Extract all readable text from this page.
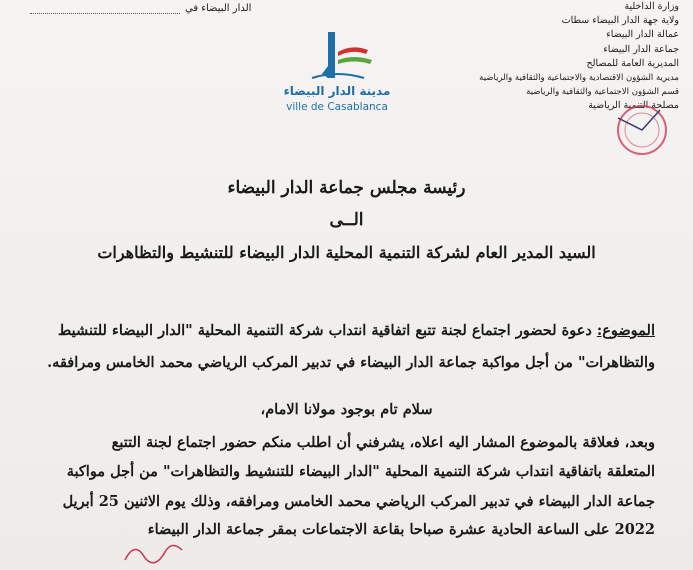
الدار البيضاء في	وزارة الداخلية
ولاية جهة الدار البيضاء سطات
عمالة الدار البيضاء
جماعة الدار البيضاء
المديرية العامة للمصالح
مديرية الشؤون الاقتصادية والاجتماعية والثقافية والرياضية
قسم الشؤون الاجتماعية والثقافية والرياضية
مصلحة التنمية الرياضية
مدينة الدار البيضاء
ville de Casablanca
رئيسة مجلس جماعة الدار البيضاء
الــى
السيد المدير العام لشركة التنمية المحلية الدار البيضاء للتنشيط والتظاهرات
الموضوع: دعوة لحضور اجتماع لجنة تتبع اتفاقية انتداب شركة التنمية المحلية "الدار البيضاء للتنشيط
والتظاهرات" من أجل مواكبة جماعة الدار البيضاء في تدبير المركب الرياضي محمد الخامس ومرافقه.
سلام تام بوجود مولانا الامام،
وبعد، فعلاقة بالموضوع المشار اليه اعلاه، يشرفني أن اطلب منكم حضور اجتماع لجنة التتبع
المتعلقة باتفاقية انتداب شركة التنمية المحلية "الدار البيضاء للتنشيط والتظاهرات" من أجل مواكبة
جماعة الدار البيضاء في تدبير المركب الرياضي محمد الخامس ومرافقه، وذلك يوم الاثنين 25 أبريل
2022 على الساعة الحادية عشرة صباحا بقاعة الاجتماعات بمقر جماعة الدار البيضاء
